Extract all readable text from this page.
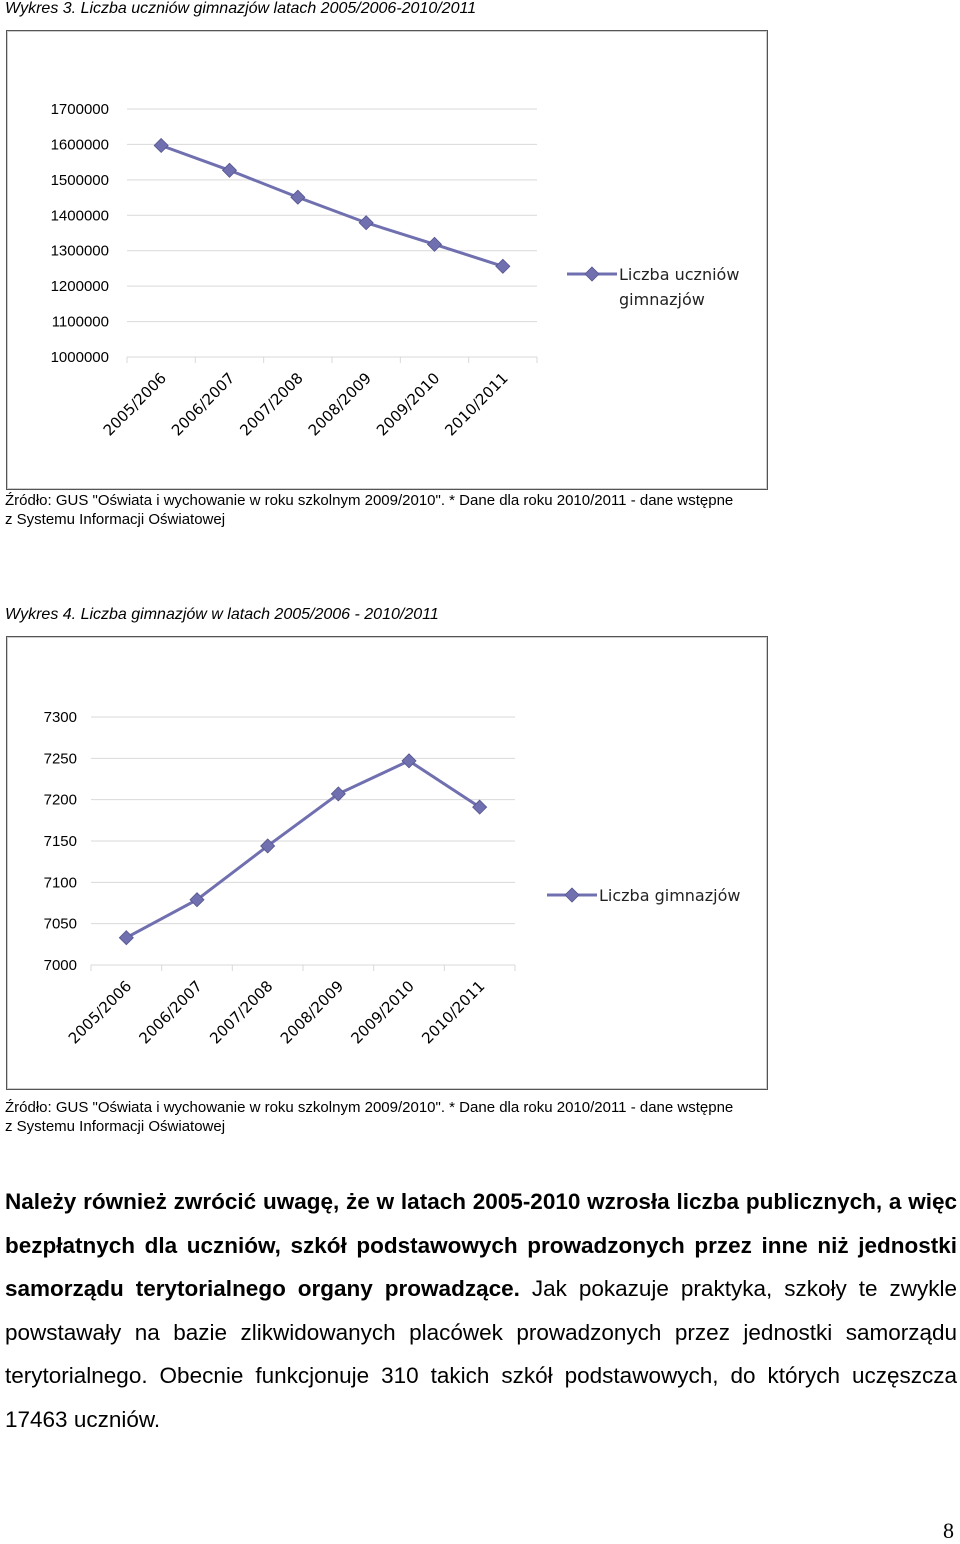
Wykres 3. Liczba uczniów gimnazjów latach 2005/2006-2010/2011
1700000
1600000
1500000
1400000
1300000
1200000
1100000
1000000
2005/2006
2006/2007
2007/2008
2008/2009
2009/2010
2010/2011
Liczba uczniów
gimnazjów
Źródło: GUS "Oświata i wychowanie w roku szkolnym 2009/2010". * Dane dla roku 2010/2011 - dane wstępne
z Systemu Informacji Oświatowej
Wykres 4. Liczba gimnazjów w latach 2005/2006 - 2010/2011
7300
7250
7200
7150
7100
7050
7000
2005/2006 2006/2007 2007/2008 2008/2009 2009/2010 2010/2011
Liczba gimnazjów
Źródło: GUS "Oświata i wychowanie w roku szkolnym 2009/2010". * Dane dla roku 2010/2011 - dane wstępne
z Systemu Informacji Oświatowej
Należy również zwrócić uwagę, że w latach 2005-2010 wzrosła liczba publicznych, a więc bezpłatnych dla uczniów, szkół podstawowych prowadzonych przez inne niż jednostki samorządu terytorialnego organy prowadzące. Jak pokazuje praktyka, szkoły te zwykle powstawały na bazie zlikwidowanych placówek prowadzonych przez jednostki samorządu terytorialnego. Obecnie funkcjonuje 310 takich szkół podstawowych, do których uczęszcza 17463 uczniów.
8
